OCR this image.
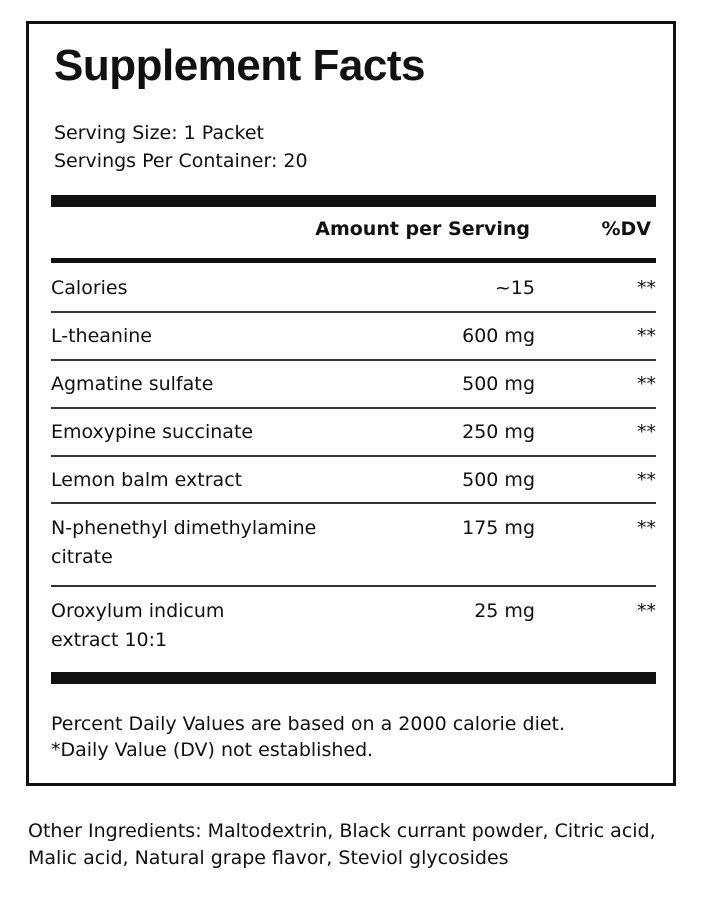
Supplement Facts
Serving Size: 1 Packet
Servings Per Container: 20
Amount per Serving	%DV
Calories	~15	**
L-theanine	600 mg	**
Agmatine sulfate	500 mg	**
Emoxypine succinate	250 mg	**
Lemon balm extract	500 mg	**
N-phenethyl dimethylamine
citrate
175 mg	**
Oroxylum indicum
extract 10:1
25 mg	**
Percent Daily Values are based on a 2000 calorie diet.
*Daily Value (DV) not established.
Other Ingredients: Maltodextrin, Black currant powder, Citric acid, Malic acid, Natural grape flavor, Steviol glycosides
